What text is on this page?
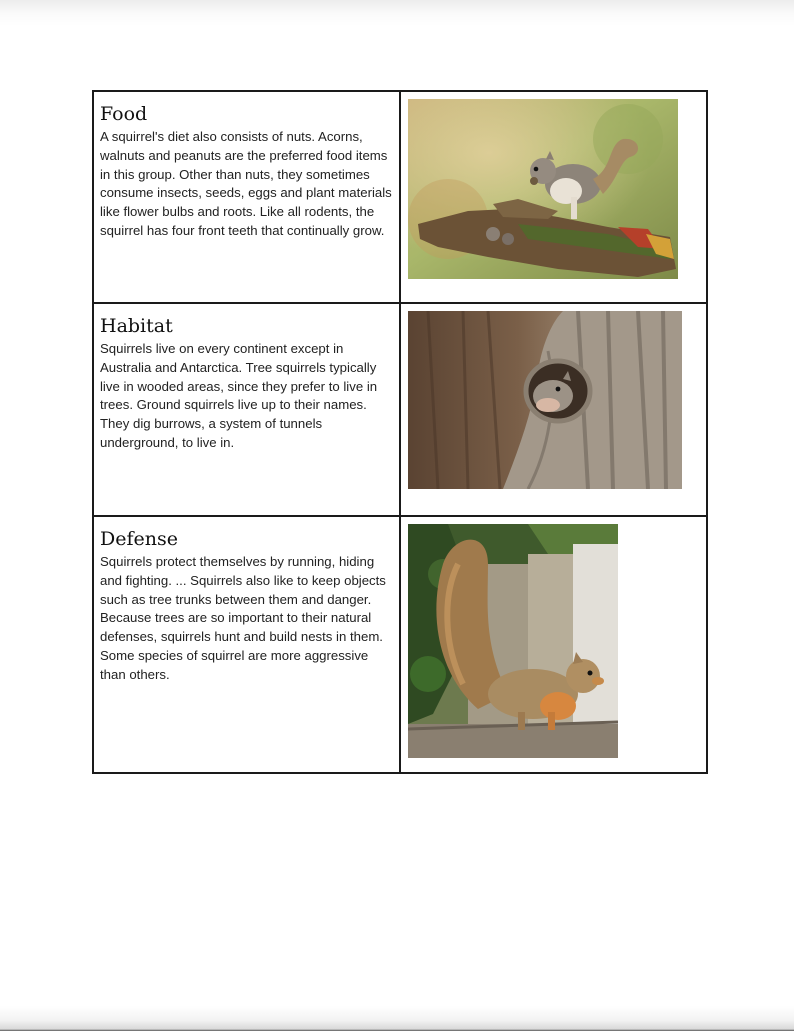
Food
A squirrel's diet also consists of nuts. Acorns, walnuts and peanuts are the preferred food items in this group. Other than nuts, they sometimes consume insects, seeds, eggs and plant materials like flower bulbs and roots. Like all rodents, the squirrel has four front teeth that continually grow.

Habitat
Squirrels live on every continent except in Australia and Antarctica. Tree squirrels typically live in wooded areas, since they prefer to live in trees. Ground squirrels live up to their names. They dig burrows, a system of tunnels underground, to live in.

Defense
Squirrels protect themselves by running, hiding and fighting. ... Squirrels also like to keep objects such as tree trunks between them and danger. Because trees are so important to their natural defenses, squirrels hunt and build nests in them. Some species of squirrel are more aggressive than others.
